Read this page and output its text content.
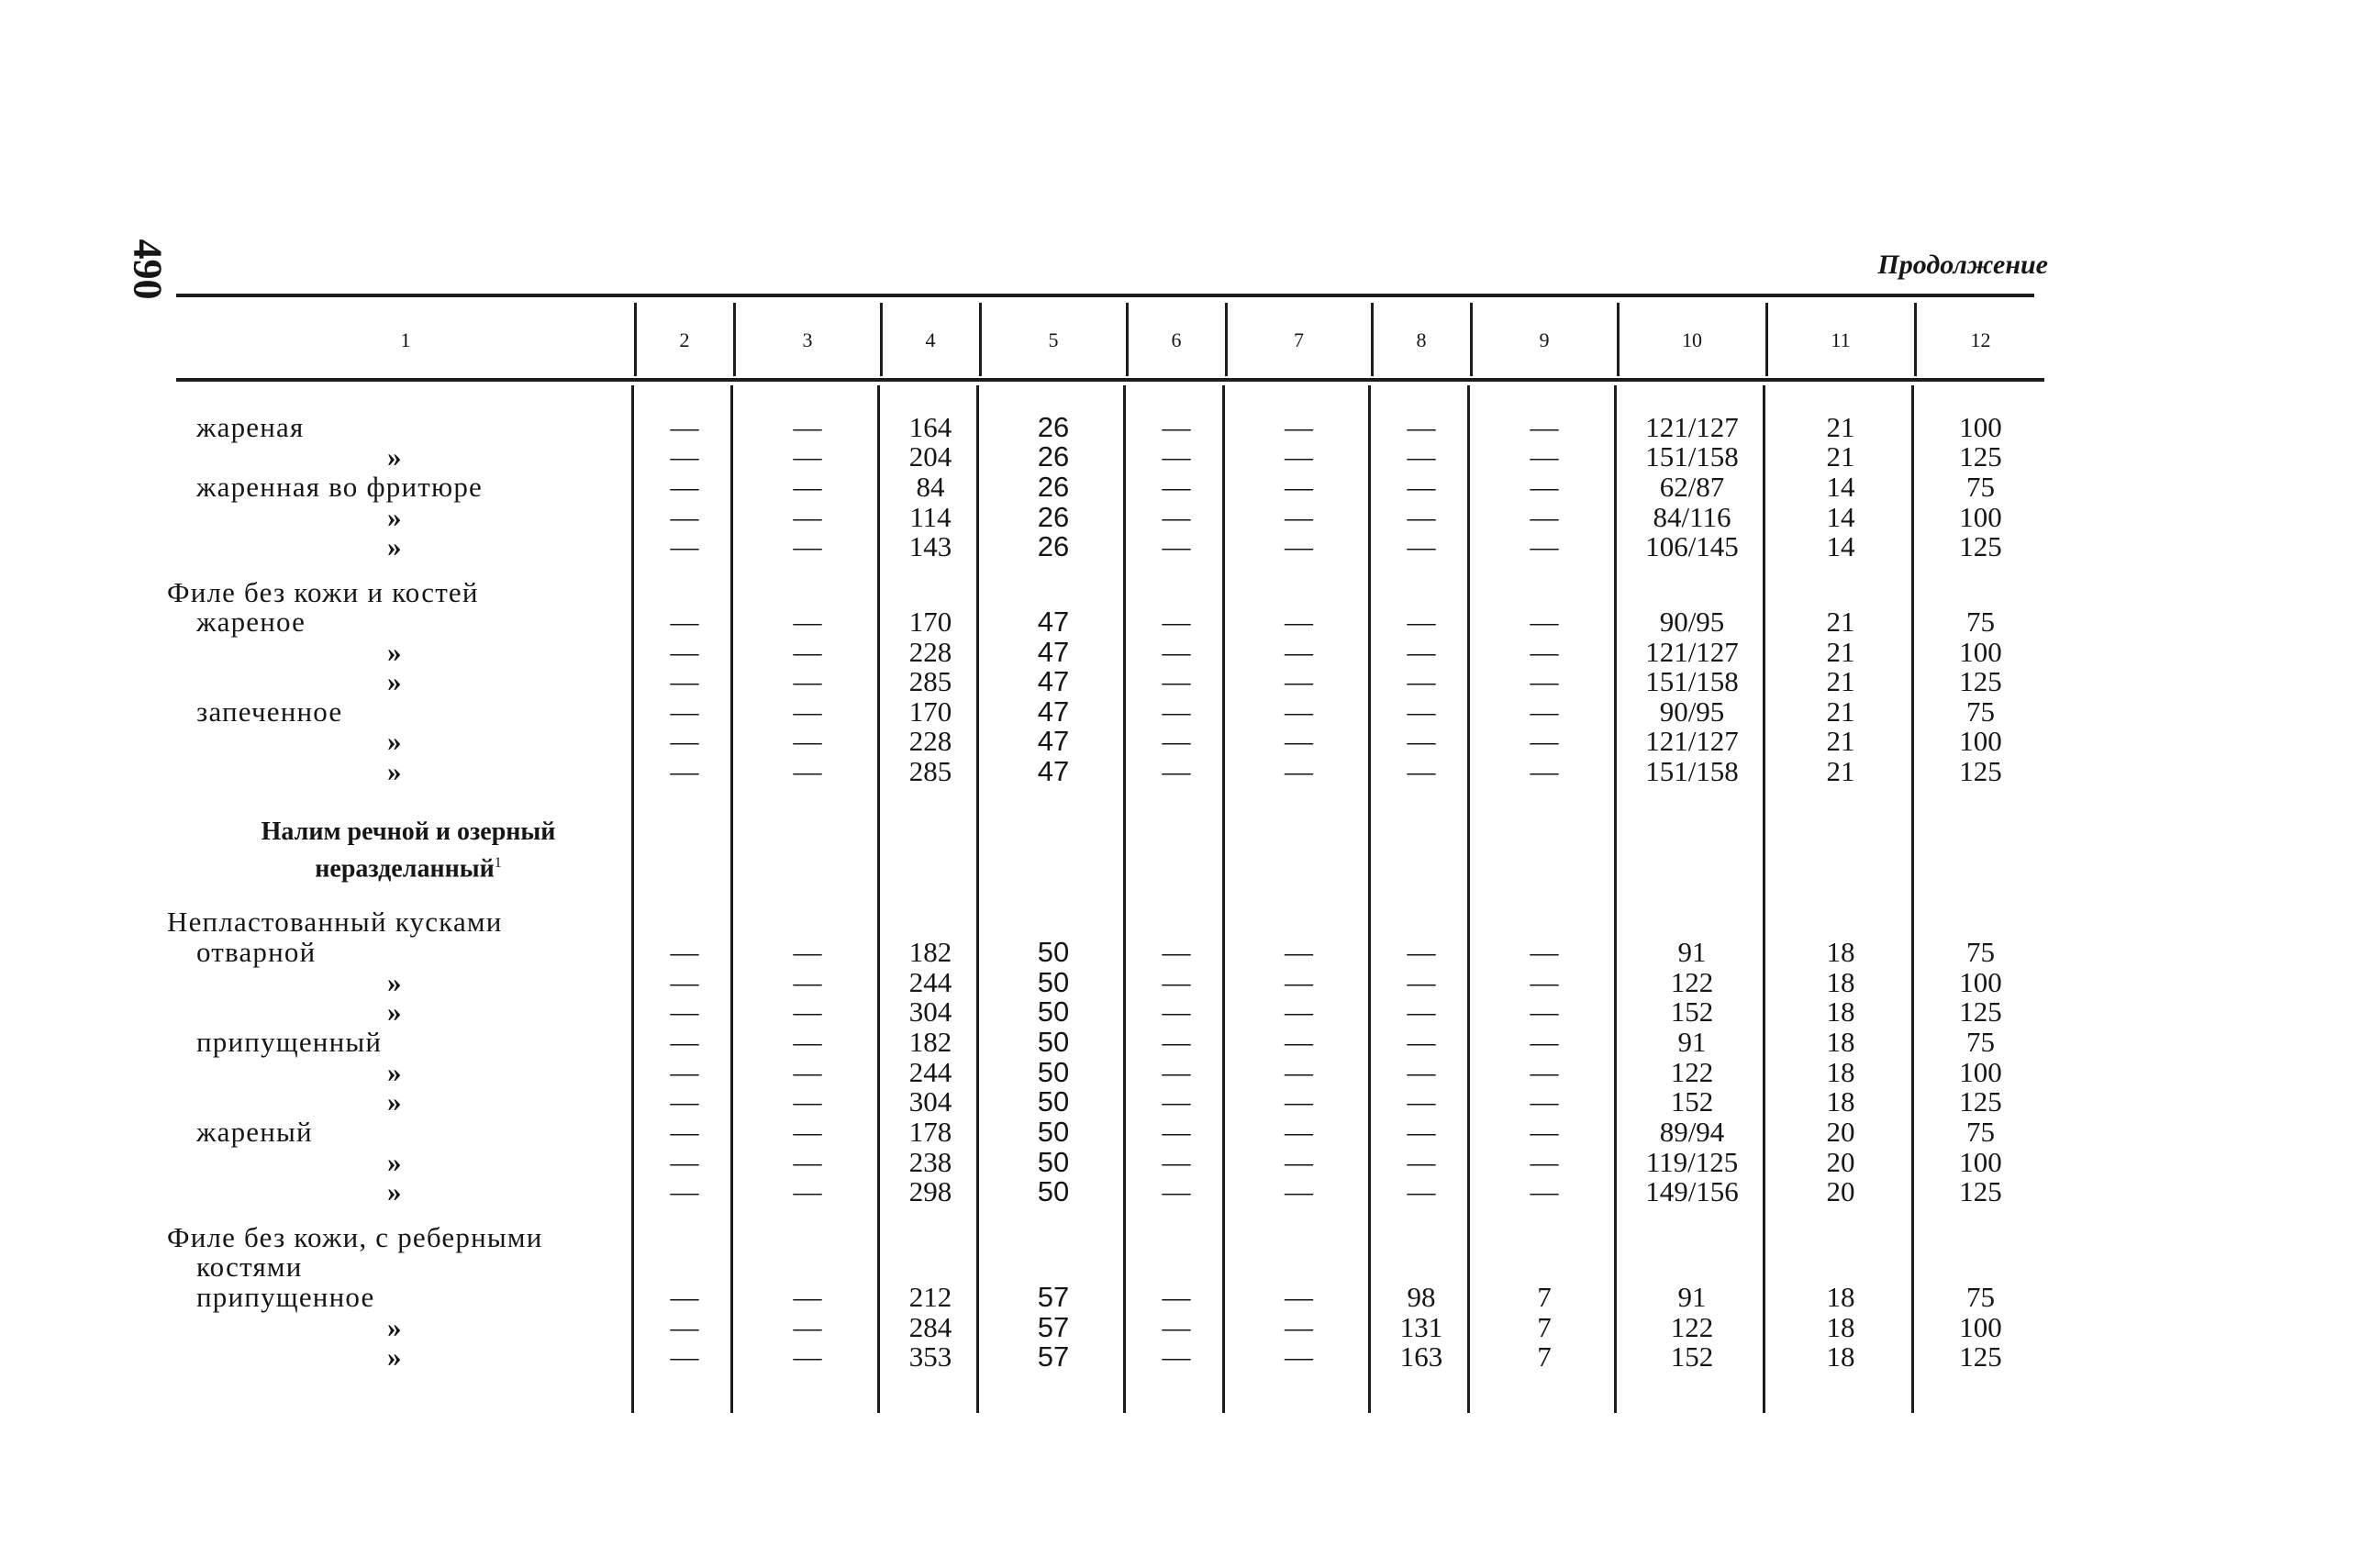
490	Продолжение
1	2	3	4	5	6	7	8	9	10	11	12
жареная	—	—	164	26	—	—	—	—	121/127	21	100
»	—	—	204	26	—	—	—	—	151/158	21	125
жаренная во фритюре	—	—	84	26	—	—	—	—	62/87	14	75
»	—	—	114	26	—	—	—	—	84/116	14	100
»	—	—	143	26	—	—	—	—	106/145	14	125
Филе без кожи и костей
жареное	—	—	170	47	—	—	—	—	90/95	21	75
»	—	—	228	47	—	—	—	—	121/127	21	100
»	—	—	285	47	—	—	—	—	151/158	21	125
запеченное	—	—	170	47	—	—	—	—	90/95	21	75
»	—	—	228	47	—	—	—	—	121/127	21	100
»	—	—	285	47	—	—	—	—	151/158	21	125
Непластованный кусками
отварной	—	—	182	50	—	—	—	—	91	18	75
»	—	—	244	50	—	—	—	—	122	18	100
»	—	—	304	50	—	—	—	—	152	18	125
припущенный	—	—	182	50	—	—	—	—	91	18	75
»	—	—	244	50	—	—	—	—	122	18	100
»	—	—	304	50	—	—	—	—	152	18	125
жареный	—	—	178	50	—	—	—	—	89/94	20	75
»	—	—	238	50	—	—	—	—	119/125	20	100
»	—	—	298	50	—	—	—	—	149/156	20	125
Филе без кожи, с реберными
костями
припущенное	—	—	212	57	—	—	98	7	91	18	75
»	—	—	284	57	—	—	131	7	122	18	100
»	—	—	353	57	—	—	163	7	152	18	125
Налим речной и озерный
неразделанный$^1$
